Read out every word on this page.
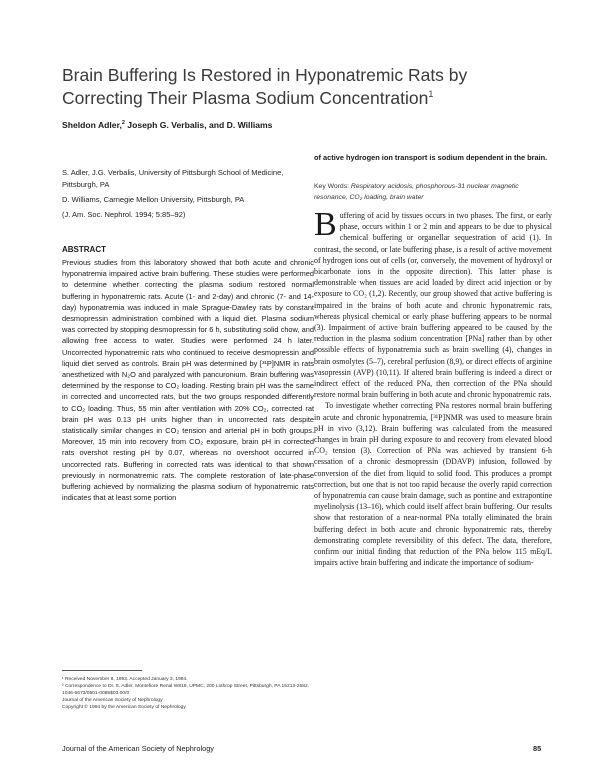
Brain Buffering Is Restored in Hyponatremic Rats by
Correcting Their Plasma Sodium Concentration$^1$
Sheldon Adler,$^2$ Joseph G. Verbalis, and D. Williams
S. Adler, J.G. Verbalis, University of Pittsburgh School of Medicine, Pittsburgh, PA
D. Williams, Carnegie Mellon University, Pittsburgh, PA
(J. Am. Soc. Nephrol. 1994; 5:85–92)
ABSTRACT

Previous studies from this laboratory showed that both acute and chronic hyponatremia impaired active brain buffering. These studies were performed to determine whether correcting the plasma sodium restored normal buffering in hyponatremic rats. Acute (1- and 2-day) and chronic (7- and 14-day) hyponatremia was induced in male Sprague-Dawley rats by constant desmopressin administration combined with a liquid diet. Plasma sodium was corrected by stopping desmopressin for 6 h, substituting solid chow, and allowing free access to water. Studies were performed 24 h later. Uncorrected hyponatremic rats who continued to receive desmopressin and liquid diet served as controls. Brain pH was determined by [³¹P]NMR in rats anesthetized with N₂O and paralyzed with pancuronium. Brain buffering was determined by the response to CO₂ loading. Resting brain pH was the same in corrected and uncorrected rats, but the two groups responded differently to CO₂ loading. Thus, 55 min after ventilation with 20% CO₂, corrected rat brain pH was 0.13 pH units higher than in uncorrected rats despite statistically similar changes in CO₂ tension and arterial pH in both groups. Moreover, 15 min into recovery from CO₂ exposure, brain pH in corrected rats overshot resting pH by 0.07, whereas no overshoot occurred in uncorrected rats. Buffering in corrected rats was identical to that shown previously in normonatremic rats. The complete restoration of late-phase buffering achieved by normalizing the plasma sodium of hyponatremic rats indicates that at least some portion

of active hydrogen ion transport is sodium dependent in the brain.
Key Words: Respiratory acidosis, phosphorous-31 nuclear magnetic resonance, CO₂ loading, brain water

Buffering of acid by tissues occurs in two phases. The first, or early phase, occurs within 1 or 2 min and appears to be due to physical chemical buffering or organellar sequestration of acid (1). In contrast, the second, or late buffering phase, is a result of active movement of hydrogen ions out of cells (or, conversely, the movement of hydroxyl or bicarbonate ions in the opposite direction). This latter phase is demonstrable when tissues are acid loaded by direct acid injection or by exposure to CO₂ (1,2). Recently, our group showed that active buffering is impaired in the brains of both acute and chronic hyponatremic rats, whereas physical chemical or early phase buffering appears to be normal (3). Impairment of active brain buffering appeared to be caused by the reduction in the plasma sodium concentration [PNa] rather than by other possible effects of hyponatremia such as brain swelling (4), changes in brain osmolytes (5–7), cerebral perfusion (8,9), or direct effects of arginine vasopressin (AVP) (10,11). If altered brain buffering is indeed a direct or indirect effect of the reduced PNa, then correction of the PNa should restore normal brain buffering in both acute and chronic hyponatremic rats.

To investigate whether correcting PNa restores normal brain buffering in acute and chronic hyponatremia, [³¹P]NMR was used to measure brain pH in vivo (3,12). Brain buffering was calculated from the measured changes in brain pH during exposure to and recovery from elevated blood CO₂ tension (3). Correction of PNa was achieved by transient 6-h cessation of a chronic desmopressin (DDAVP) infusion, followed by conversion of the diet from liquid to solid food. This produces a prompt correction, but one that is not too rapid because the overly rapid correction of hyponatremia can cause brain damage, such as pontine and extrapontine myelinolysis (13–16), which could itself affect brain buffering. Our results show that restoration of a near-normal PNa totally eliminated the brain buffering defect in both acute and chronic hyponatremic rats, thereby demonstrating complete reversibility of this defect. The data, therefore, confirm our initial finding that reduction of the PNa below 115 mEq/L impairs active brain buffering and indicate the importance of sodium-

¹ Received November 8, 1993. Accepted January 3, 1994.
² Correspondence to Dr. S. Adler, Montefiore Renal W819, UPMC, 200 Lothrop Street, Pittsburgh, PA 15213-2582.
1046-6673/0501-0085$03.00/0
Journal of the American Society of Nephrology
Copyright © 1994 by the American Society of Nephrology
Journal of the American Society of Nephrology	85
